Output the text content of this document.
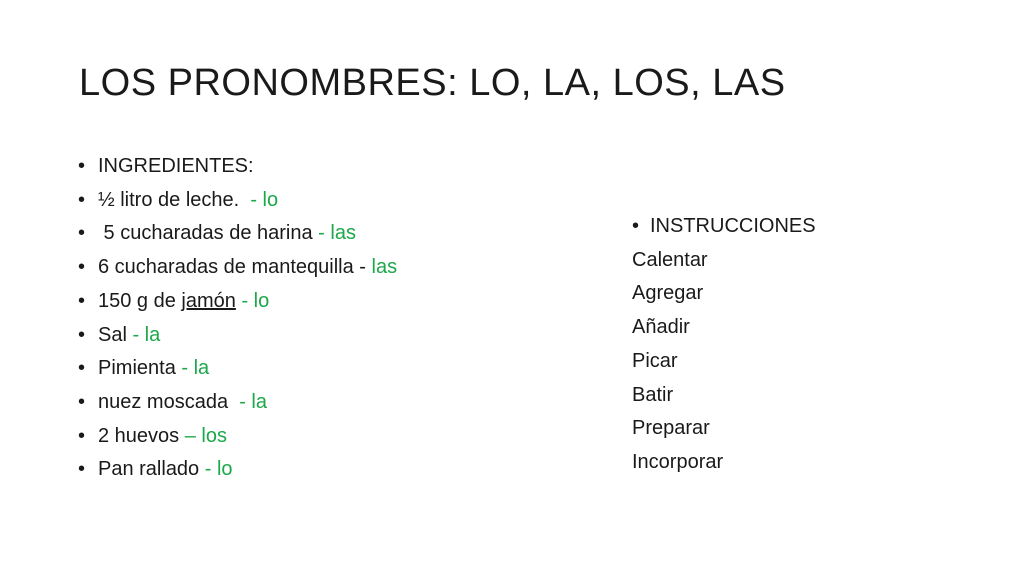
LOS PRONOMBRES: LO, LA, LOS, LAS
• INGREDIENTES:
• ½ litro de leche.  - lo
• 5 cucharadas de harina - las
• 6 cucharadas de mantequilla - las
• 150 g de jamón - lo
• Sal - la
• Pimienta - la
• nuez moscada  - la
• 2 huevos – los
• Pan rallado - lo
• INSTRUCCIONES
Calentar
Agregar
Añadir
Picar
Batir
Preparar
Incorporar
